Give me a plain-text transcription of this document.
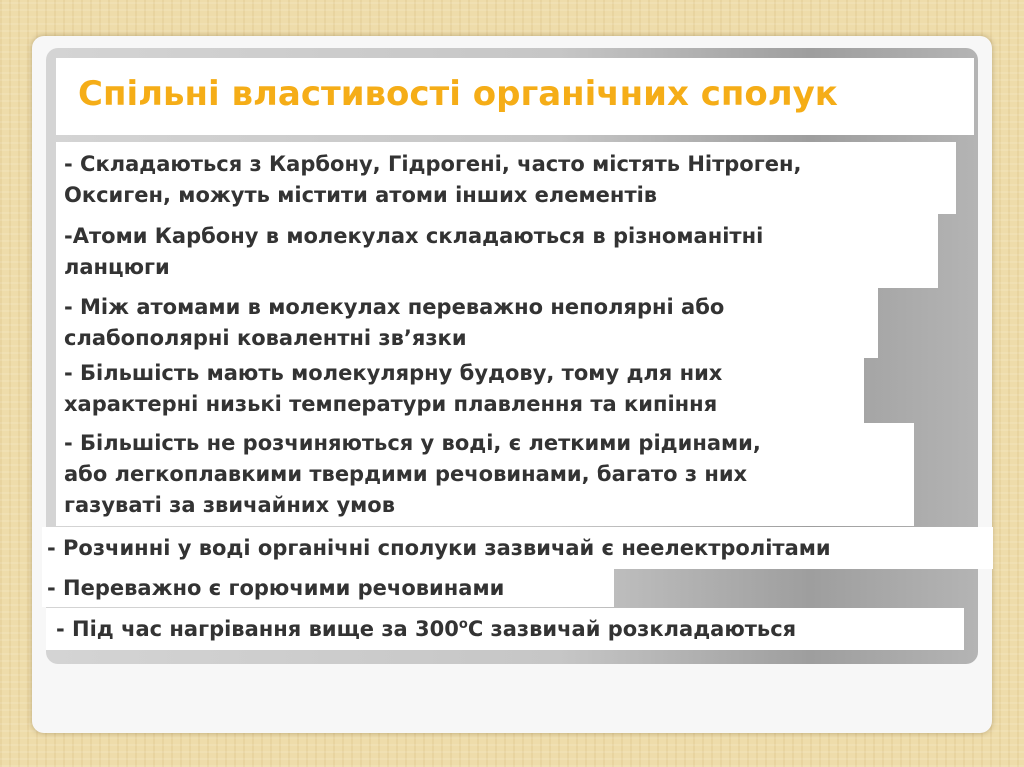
Спільні властивості органічних сполук

- Складаються з Карбону, Гідрогені, часто містять Нітроген,

Оксиген, можуть містити атоми інших елементів

-Атоми Карбону в молекулах складаються в різноманітні

ланцюги

- Між атомами в молекулах переважно неполярні або

слабополярні ковалентні зв’язки

- Більшість мають молекулярну будову, тому для них

характерні низькі температури плавлення та кипіння

- Більшість не розчиняються у воді, є леткими рідинами,

або легкоплавкими твердими речовинами, багато з них

газуваті за звичайних умов

- Розчинні у воді органічні сполуки зазвичай є неелектролітами

- Переважно є горючими речовинами

- Під час нагрівання вище за $300^оС$ зазвичай розкладаються
